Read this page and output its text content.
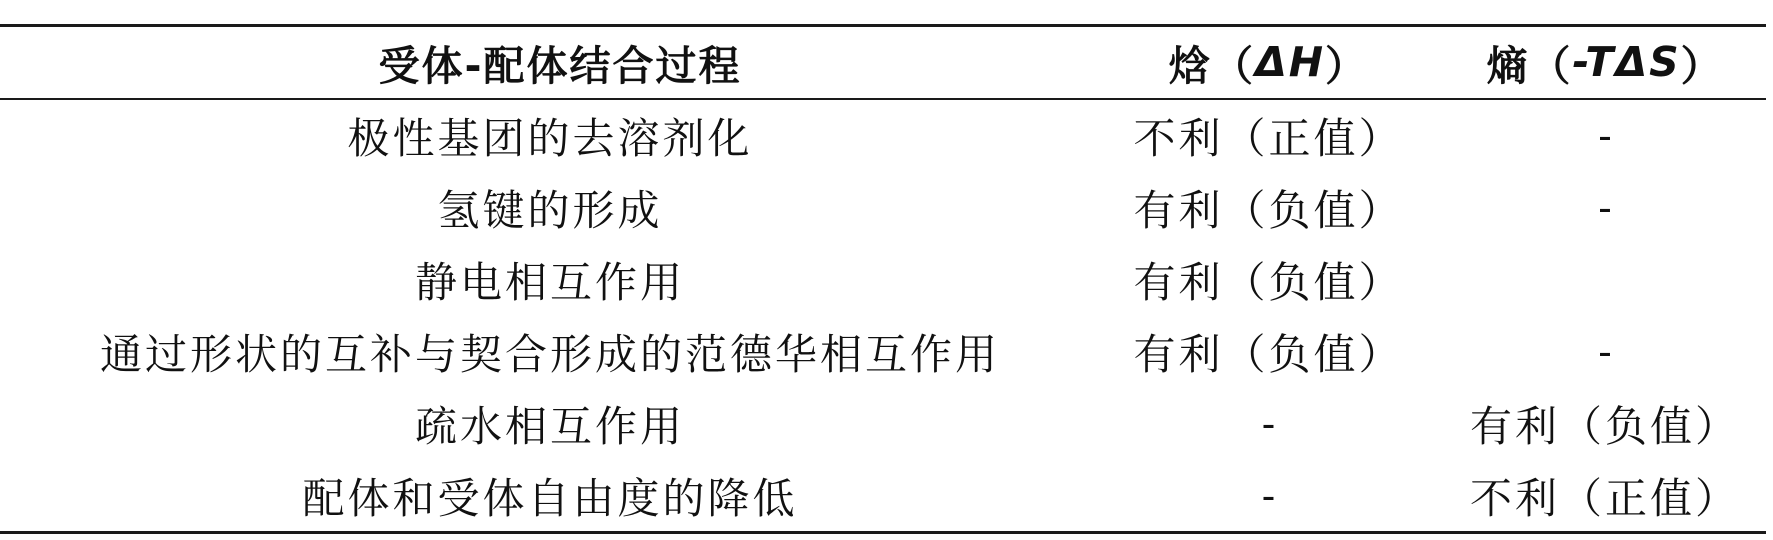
受体-配体结合过程	焓（ ΔH ）	熵（ -TΔS ）
极性基团的去溶剂化	不利（正值）	-
氢键的形成	有利（负值）	-
静电相互作用	有利（负值）
通过形状的互补与契合形成的范德华相互作用	有利（负值）	-
疏水相互作用	-	有利（负值）
配体和受体自由度的降低	-	不利（正值）
